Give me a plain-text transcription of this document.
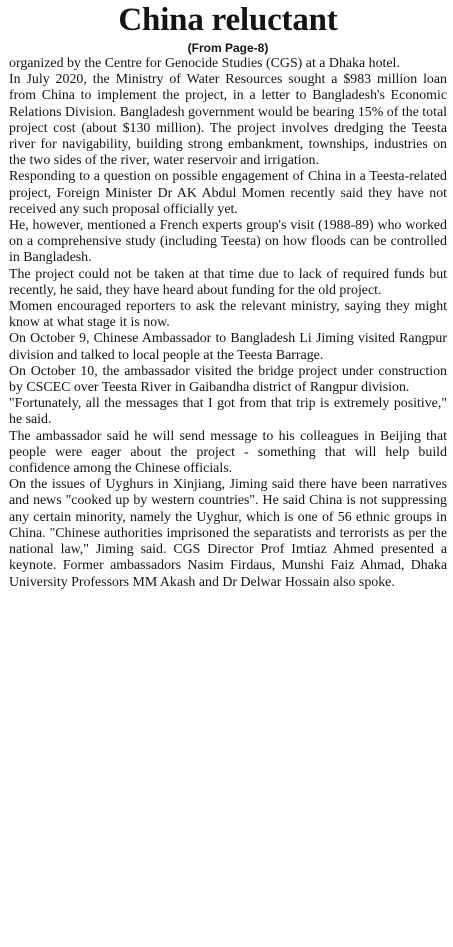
China reluctant
(From Page-8)

organized by the Centre for Genocide Studies (CGS) at a Dhaka hotel.

In July 2020, the Ministry of Water Resources sought a $983 million loan from China to implement the project, in a letter to Bangladesh's Economic Relations Division. Bangladesh government would be bearing 15% of the total project cost (about $130 million). The project involves dredging the Teesta river for navigability, building strong embankment, townships, industries on the two sides of the river, water reservoir and irrigation.

Responding to a question on possible engagement of China in a Teesta-related project, Foreign Minister Dr AK Abdul Momen recently said they have not received any such proposal officially yet.

He, however, mentioned a French experts group's visit (1988-89) who worked on a comprehensive study (including Teesta) on how floods can be controlled in Bangladesh.

The project could not be taken at that time due to lack of required funds but recently, he said, they have heard about funding for the old project.

Momen encouraged reporters to ask the relevant ministry, saying they might know at what stage it is now.

On October 9, Chinese Ambassador to Bangladesh Li Jiming visited Rangpur division and talked to local people at the Teesta Barrage.

On October 10, the ambassador visited the bridge project under construction by CSCEC over Teesta River in Gaibandha district of Rangpur division.

"Fortunately, all the messages that I got from that trip is extremely positive," he said.

The ambassador said he will send message to his colleagues in Beijing that people were eager about the project - something that will help build confidence among the Chinese officials.

On the issues of Uyghurs in Xinjiang, Jiming said there have been narratives and news "cooked up by western countries". He said China is not suppressing any certain minority, namely the Uyghur, which is one of 56 ethnic groups in China. "Chinese authorities imprisoned the separatists and terrorists as per the national law," Jiming said. CGS Director Prof Imtiaz Ahmed presented a keynote. Former ambassadors Nasim Firdaus, Munshi Faiz Ahmad, Dhaka University Professors MM Akash and Dr Delwar Hossain also spoke.
